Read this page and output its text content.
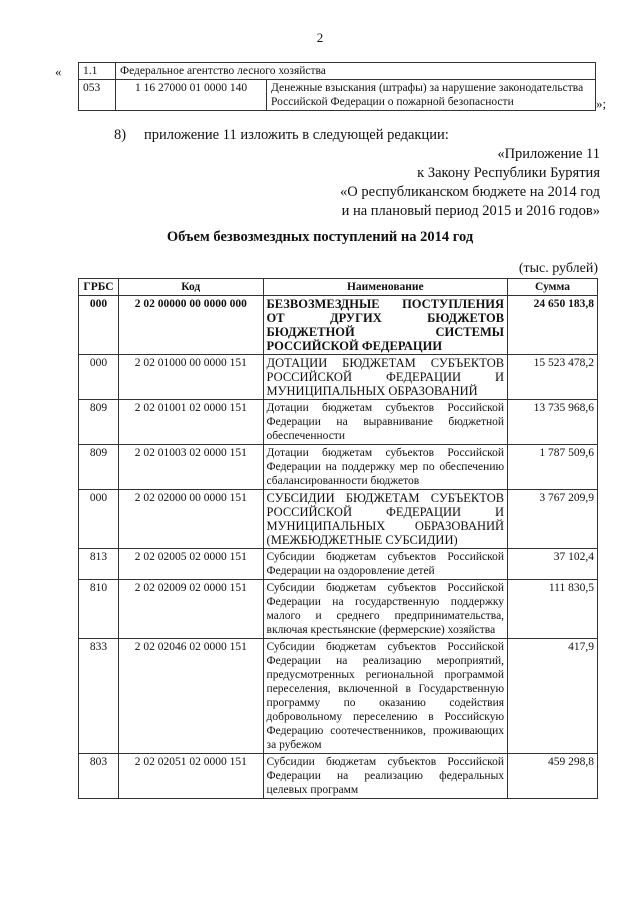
2
« 1.1	Федеральное агентство лесного хозяйства	
053	1 16 27000 01 0000 140	Денежные взыскания (штрафы) за нарушение законодательства Российской Федерации о пожарной безопасности	»;
8) приложение 11 изложить в следующей редакции:
«Приложение 11
к Закону Республики Бурятия
«О республиканском бюджете на 2014 год
и на плановый период 2015 и 2016 годов»
Объем безвозмездных поступлений на 2014 год
(тыс. рублей)
ГРБС	Код	Наименование	Сумма
000	2 02 00000 00 0000 000	БЕЗВОЗМЕЗДНЫЕ ПОСТУПЛЕНИЯ ОТ ДРУГИХ БЮДЖЕТОВ БЮДЖЕТНОЙ СИСТЕМЫ РОССИЙСКОЙ ФЕДЕРАЦИИ	24 650 183,8
000	2 02 01000 00 0000 151	ДОТАЦИИ БЮДЖЕТАМ СУБЪЕКТОВ РОССИЙСКОЙ ФЕДЕРАЦИИ И МУНИЦИПАЛЬНЫХ ОБРАЗОВАНИЙ	15 523 478,2
809	2 02 01001 02 0000 151	Дотации бюджетам субъектов Российской Федерации на выравнивание бюджетной обеспеченности	13 735 968,6
809	2 02 01003 02 0000 151	Дотации бюджетам субъектов Российской Федерации на поддержку мер по обеспечению сбалансированности бюджетов	1 787 509,6
000	2 02 02000 00 0000 151	СУБСИДИИ БЮДЖЕТАМ СУБЪЕКТОВ РОССИЙСКОЙ ФЕДЕРАЦИИ И МУНИЦИПАЛЬНЫХ ОБРАЗОВАНИЙ (МЕЖБЮДЖЕТНЫЕ СУБСИДИИ)	3 767 209,9
813	2 02 02005 02 0000 151	Субсидии бюджетам субъектов Российской Федерации на оздоровление детей	37 102,4
810	2 02 02009 02 0000 151	Субсидии бюджетам субъектов Российской Федерации на государственную поддержку малого и среднего предпринимательства, включая крестьянские (фермерские) хозяйства	111 830,5
833	2 02 02046 02 0000 151	Субсидии бюджетам субъектов Российской Федерации на реализацию мероприятий, предусмотренных региональной программой переселения, включенной в Государственную программу по оказанию содействия добровольному переселению в Российскую Федерацию соотечественников, проживающих за рубежом	417,9
803	2 02 02051 02 0000 151	Субсидии бюджетам субъектов Российской Федерации на реализацию федеральных целевых программ	459 298,8
